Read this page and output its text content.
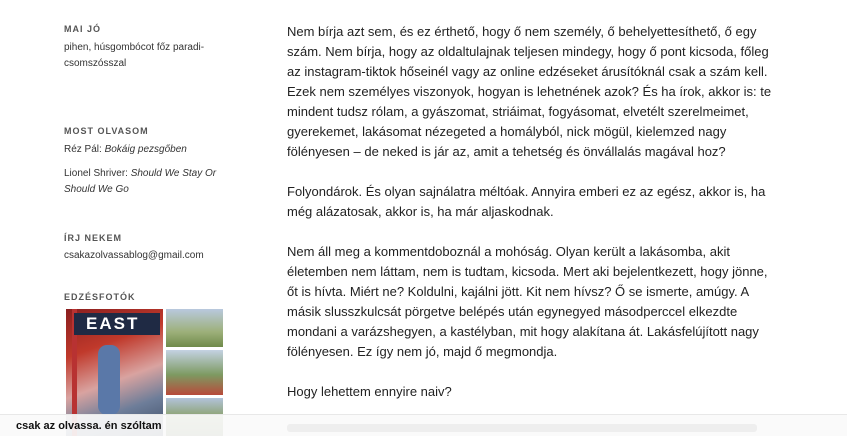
MAI JÓ

pihen, húsgombócot főz paradi-csomszósszal

MOST OLVASOM

Réz Pál: Bokáig pezsgőben

Lionel Shriver: Should We Stay Or Should We Go

ÍRJ NEKEM

csakazolvassablog@gmail.com

EDZÉSFOTÓK
EAST

Nem bírja azt sem, és ez érthető, hogy ő nem személy, ő behelyettesíthető, ő egy szám. Nem bírja, hogy az oldaltulajnak teljesen mindegy, hogy ő pont kicsoda, főleg az instagram-tiktok hőseinél vagy az online edzéseket árusítóknál csak a szám kell. Ezek nem személyes viszonyok, hogyan is lehetnének azok? És ha írok, akkor is: te mindent tudsz rólam, a gyászomat, striáimat, fogyásomat, elvetélt szerelmeimet, gyerekemet, lakásomat nézegeted a homályból, nick mögül, kielemzed nagy fölényesen – de neked is jár az, amit a tehetség és önvállalás magával hoz?

Folyondárok. És olyan sajnálatra méltóak. Annyira emberi ez az egész, akkor is, ha még alázatosak, akkor is, ha már aljaskodnak.

Nem áll meg a kommentdoboznál a mohóság. Olyan került a lakásomba, akit életemben nem láttam, nem is tudtam, kicsoda. Mert aki bejelentkezett, hogy jönne, őt is hívta. Miért ne? Koldulni, kajálni jött. Kit nem hívsz? Ő se ismerte, amúgy. A másik slusszkulcsát pörgetve belépés után egynegyed másodperccel elkezdte mondani a varázshegyen, a kastélyban, mit hogy alakítana át. Lakásfelújított nagy fölényesen. Ez így nem jó, majd ő megmondja.

Hogy lehettem ennyire naiv?

csak az olvassa. én szóltam
